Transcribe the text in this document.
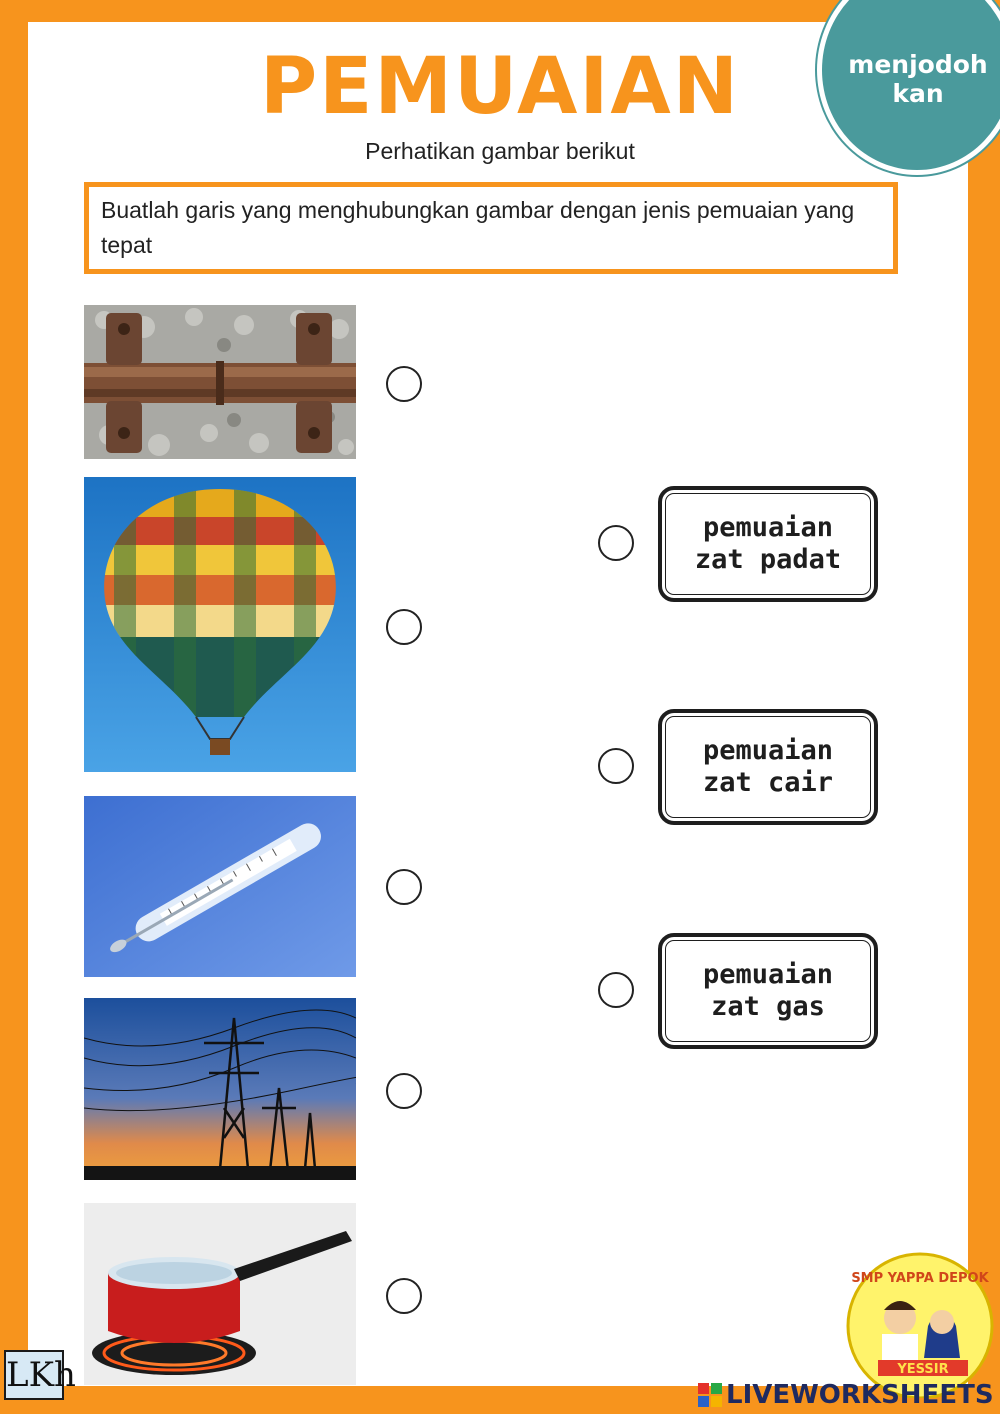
PEMUAIAN
Perhatikan gambar berikut
menjodoh
kan
Buatlah garis yang menghubungkan gambar dengan jenis pemuaian yang tepat
pemuaian
zat padat
pemuaian
zat cair
pemuaian
zat gas
LKh
SMP YAPPA DEPOK
YESSIR
LIVEWORKSHEETS
